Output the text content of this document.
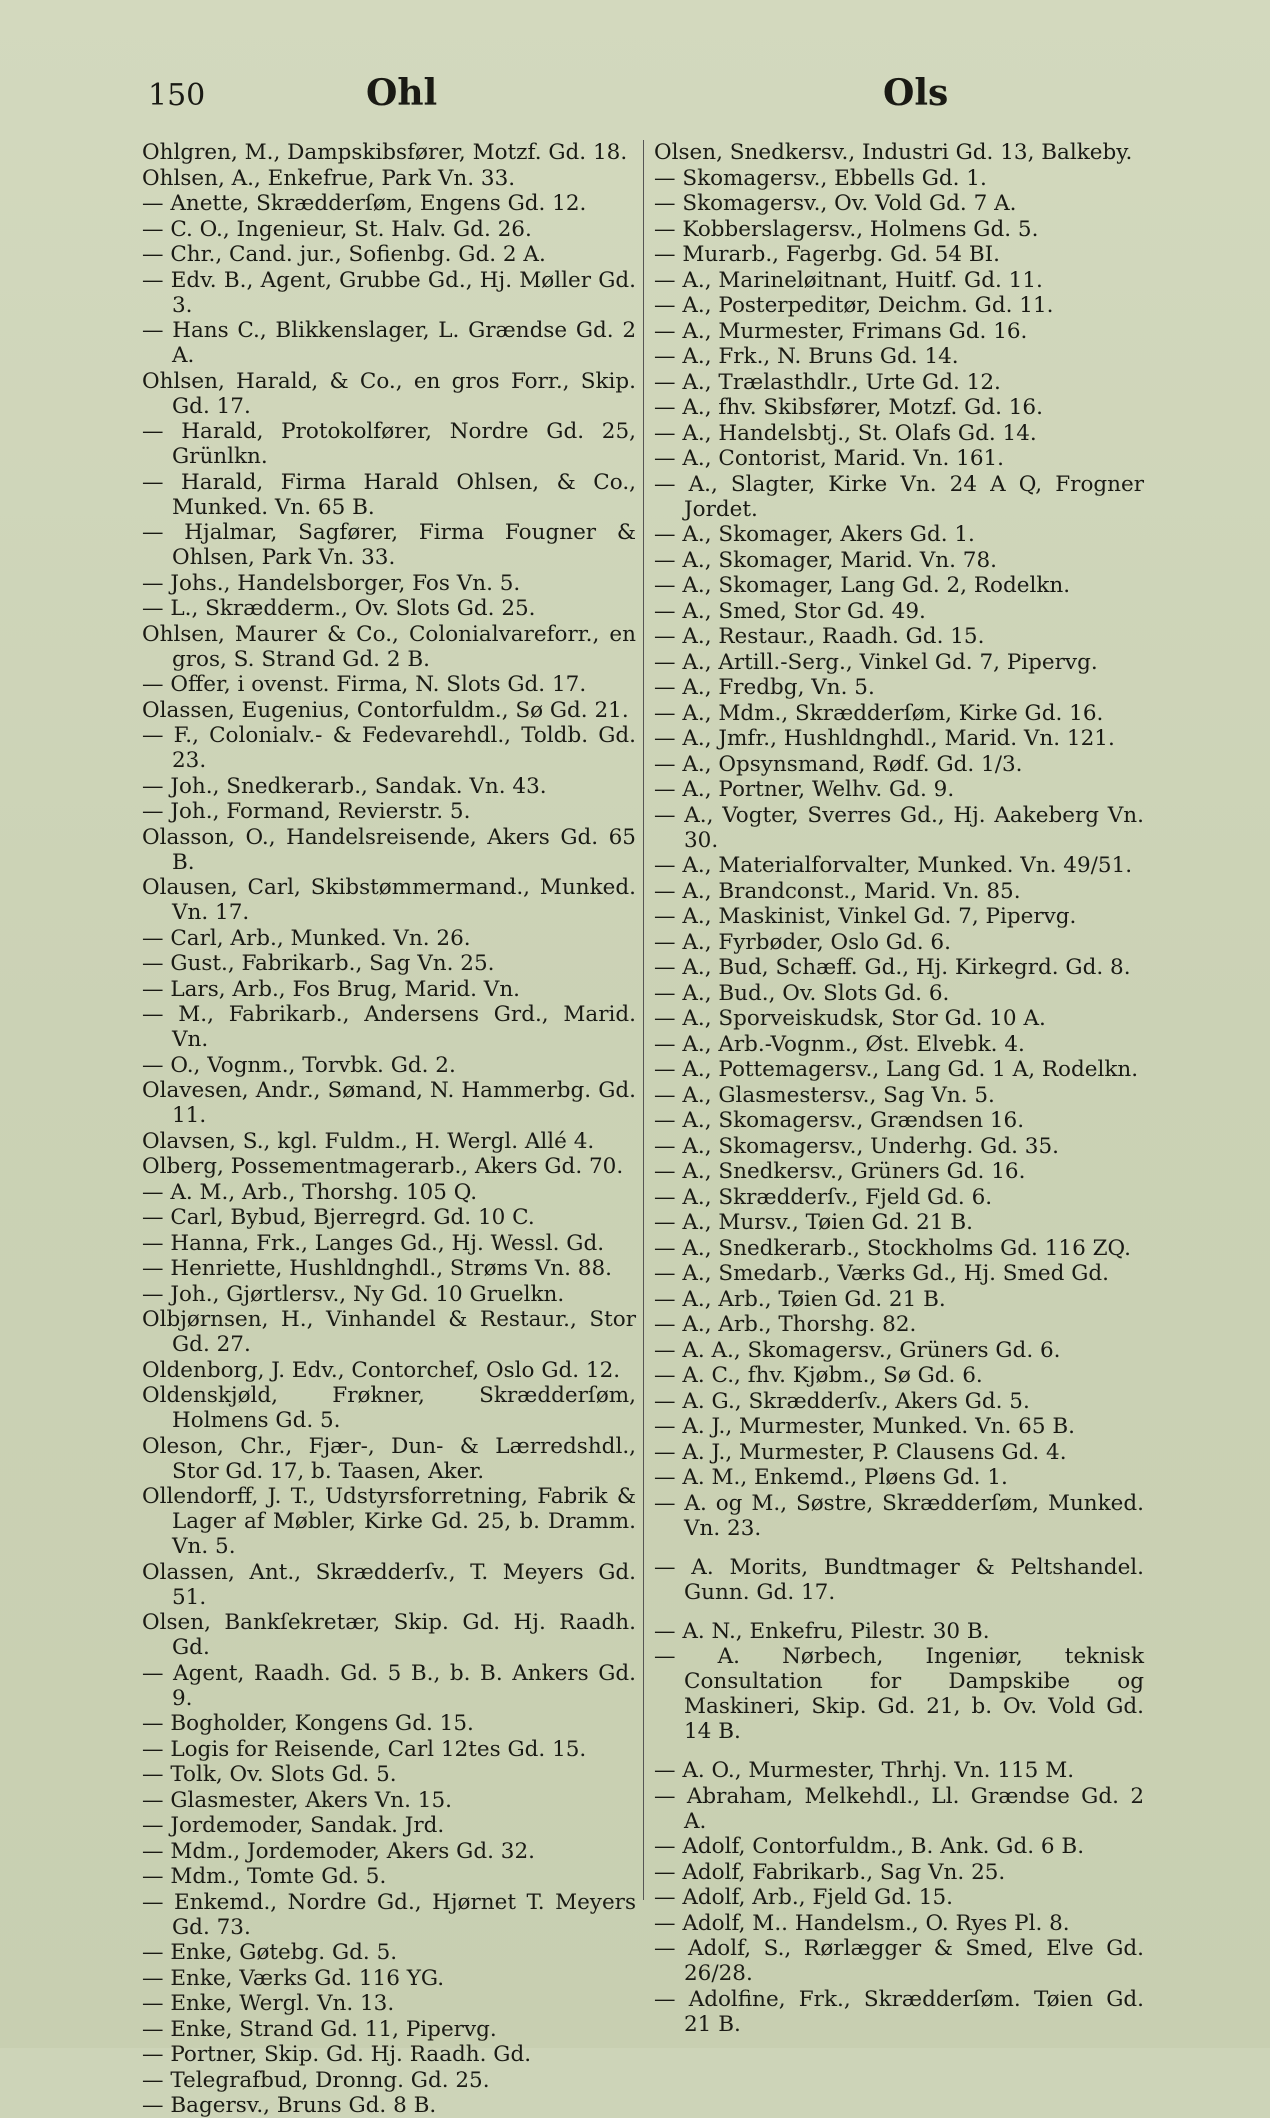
150	Ohl	Ols

Ohlgren, M., Dampskibsfører, Motzf. Gd. 18.

Ohlsen, A., Enkefrue, Park Vn. 33.

— Anette, Skrædderſøm, Engens Gd. 12.

— C. O., Ingenieur, St. Halv. Gd. 26.

— Chr., Cand. jur., Sofienbg. Gd. 2 A.

— Edv. B., Agent, Grubbe Gd., Hj. Møller Gd. 3.

— Hans C., Blikkenslager, L. Grændse Gd. 2 A.

Ohlsen, Harald, & Co., en gros Forr., Skip. Gd. 17.

— Harald, Protokolfører, Nordre Gd. 25, Grünlkn.

— Harald, Firma Harald Ohlsen, & Co., Munked. Vn. 65 B.

— Hjalmar, Sagfører, Firma Fougner & Ohlsen, Park Vn. 33.

— Johs., Handelsborger, Fos Vn. 5.

— L., Skrædderm., Ov. Slots Gd. 25.

Ohlsen, Maurer & Co., Colonialvareforr., en gros, S. Strand Gd. 2 B.

— Offer, i ovenst. Firma, N. Slots Gd. 17.

Olassen, Eugenius, Contorfuldm., Sø Gd. 21.

— F., Colonialv.- & Fedevarehdl., Toldb. Gd. 23.

— Joh., Snedkerarb., Sandak. Vn. 43.

— Joh., Formand, Revierstr. 5.

Olasson, O., Handelsreisende, Akers Gd. 65 B.

Olausen, Carl, Skibstømmermand., Munked. Vn. 17.

— Carl, Arb., Munked. Vn. 26.

— Gust., Fabrikarb., Sag Vn. 25.

— Lars, Arb., Fos Brug, Marid. Vn.

— M., Fabrikarb., Andersens Grd., Marid. Vn.

— O., Vognm., Torvbk. Gd. 2.

Olavesen, Andr., Sømand, N. Hammerbg. Gd. 11.

Olavsen, S., kgl. Fuldm., H. Wergl. Allé 4.

Olberg, Possementmagerarb., Akers Gd. 70.

— A. M., Arb., Thorshg. 105 Q.

— Carl, Bybud, Bjerregrd. Gd. 10 C.

— Hanna, Frk., Langes Gd., Hj. Wessl. Gd.

— Henriette, Hushldnghdl., Strøms Vn. 88.

— Joh., Gjørtlersv., Ny Gd. 10 Gruelkn.

Olbjørnsen, H., Vinhandel & Restaur., Stor Gd. 27.

Oldenborg, J. Edv., Contorchef, Oslo Gd. 12.

Oldenskjøld, Frøkner, Skrædderſøm, Holmens Gd. 5.

Oleson, Chr., Fjær-, Dun- & Lærredshdl., Stor Gd. 17, b. Taasen, Aker.

Ollendorff, J. T., Udstyrsforretning, Fabrik & Lager af Møbler, Kirke Gd. 25, b. Dramm. Vn. 5.

Olassen, Ant., Skrædderſv., T. Meyers Gd. 51.

Olsen, Bankſekretær, Skip. Gd. Hj. Raadh. Gd.

— Agent, Raadh. Gd. 5 B., b. B. Ankers Gd. 9.

— Bogholder, Kongens Gd. 15.

— Logis for Reisende, Carl 12tes Gd. 15.

— Tolk, Ov. Slots Gd. 5.

— Glasmester, Akers Vn. 15.

— Jordemoder, Sandak. Jrd.

— Mdm., Jordemoder, Akers Gd. 32.

— Mdm., Tomte Gd. 5.

— Enkemd., Nordre Gd., Hjørnet T. Meyers Gd. 73.

— Enke, Gøtebg. Gd. 5.

— Enke, Værks Gd. 116 YG.

— Enke, Wergl. Vn. 13.

— Enke, Strand Gd. 11, Pipervg.

— Portner, Skip. Gd. Hj. Raadh. Gd.

— Telegrafbud, Dronng. Gd. 25.

— Bagersv., Bruns Gd. 8 B.

Olsen, Snedkersv., Industri Gd. 13, Balkeby.

— Skomagersv., Ebbells Gd. 1.

— Skomagersv., Ov. Vold Gd. 7 A.

— Kobberslagersv., Holmens Gd. 5.

— Murarb., Fagerbg. Gd. 54 BI.

— A., Marineløitnant, Huitf. Gd. 11.

— A., Posterpeditør, Deichm. Gd. 11.

— A., Murmester, Frimans Gd. 16.

— A., Frk., N. Bruns Gd. 14.

— A., Trælasthdlr., Urte Gd. 12.

— A., fhv. Skibsfører, Motzf. Gd. 16.

— A., Handelsbtj., St. Olafs Gd. 14.

— A., Contorist, Marid. Vn. 161.

— A., Slagter, Kirke Vn. 24 A Q, Frogner Jordet.

— A., Skomager, Akers Gd. 1.

— A., Skomager, Marid. Vn. 78.

— A., Skomager, Lang Gd. 2, Rodelkn.

— A., Smed, Stor Gd. 49.

— A., Restaur., Raadh. Gd. 15.

— A., Artill.-Serg., Vinkel Gd. 7, Pipervg.

— A., Fredbg, Vn. 5.

— A., Mdm., Skrædderſøm, Kirke Gd. 16.

— A., Jmfr., Hushldnghdl., Marid. Vn. 121.

— A., Opsynsmand, Rødf. Gd. 1/3.

— A., Portner, Welhv. Gd. 9.

— A., Vogter, Sverres Gd., Hj. Aakeberg Vn. 30.

— A., Materialforvalter, Munked. Vn. 49/51.

— A., Brandconst., Marid. Vn. 85.

— A., Maskinist, Vinkel Gd. 7, Pipervg.

— A., Fyrbøder, Oslo Gd. 6.

— A., Bud, Schæff. Gd., Hj. Kirkegrd. Gd. 8.

— A., Bud., Ov. Slots Gd. 6.

— A., Sporveiskudsk, Stor Gd. 10 A.

— A., Arb.-Vognm., Øst. Elvebk. 4.

— A., Pottemagersv., Lang Gd. 1 A, Rodelkn.

— A., Glasmestersv., Sag Vn. 5.

— A., Skomagersv., Grændsen 16.

— A., Skomagersv., Underhg. Gd. 35.

— A., Snedkersv., Grüners Gd. 16.

— A., Skrædderſv., Fjeld Gd. 6.

— A., Mursv., Tøien Gd. 21 B.

— A., Snedkerarb., Stockholms Gd. 116 ZQ.

— A., Smedarb., Værks Gd., Hj. Smed Gd.

— A., Arb., Tøien Gd. 21 B.

— A., Arb., Thorshg. 82.

— A. A., Skomagersv., Grüners Gd. 6.

— A. C., fhv. Kjøbm., Sø Gd. 6.

— A. G., Skrædderſv., Akers Gd. 5.

— A. J., Murmester, Munked. Vn. 65 B.

— A. J., Murmester, P. Clausens Gd. 4.

— A. M., Enkemd., Pløens Gd. 1.

— A. og M., Søstre, Skrædderſøm, Munked. Vn. 23.

— A. Morits, Bundtmager & Peltshandel. Gunn. Gd. 17.

— A. N., Enkefru, Pilestr. 30 B.

— A. Nørbech, Ingeniør, teknisk Consultation for Dampskibe og Maskineri, Skip. Gd. 21, b. Ov. Vold Gd. 14 B.

— A. O., Murmester, Thrhj. Vn. 115 M.

— Abraham, Melkehdl., Ll. Grændse Gd. 2 A.

— Adolf, Contorfuldm., B. Ank. Gd. 6 B.

— Adolf, Fabrikarb., Sag Vn. 25.

— Adolf, Arb., Fjeld Gd. 15.

— Adolf, M.. Handelsm., O. Ryes Pl. 8.

— Adolf, S., Rørlægger & Smed, Elve Gd. 26/28.

— Adolfine, Frk., Skrædderſøm. Tøien Gd. 21 B.
